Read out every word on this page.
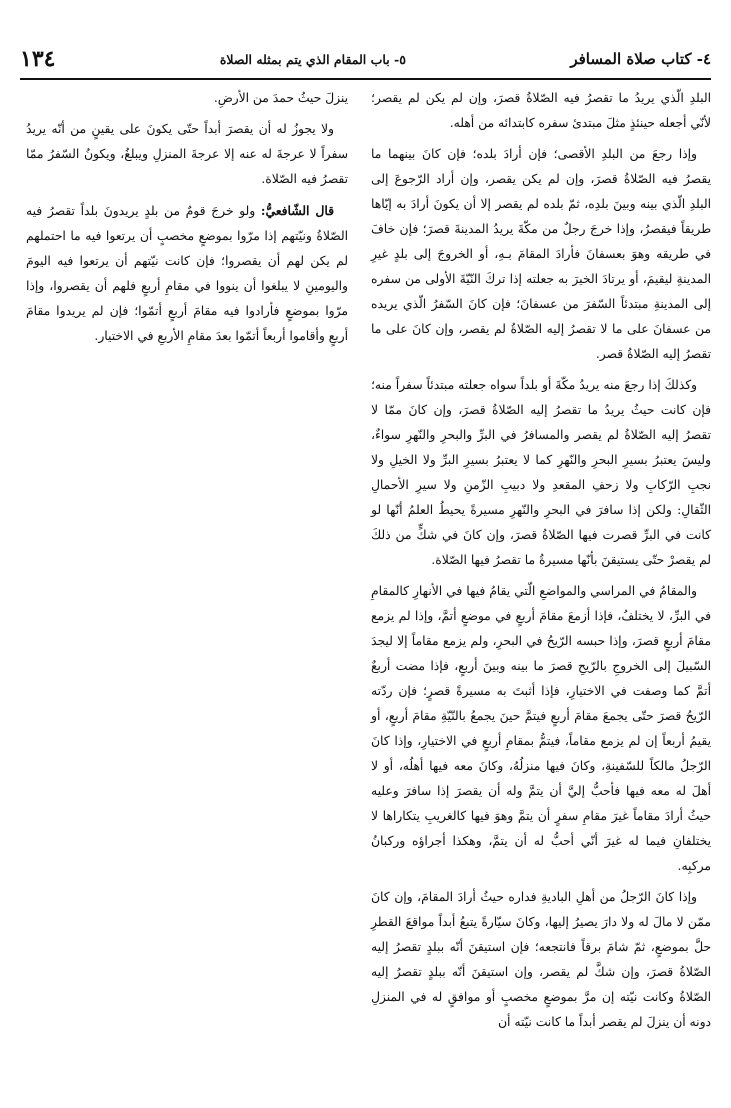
٤- كتاب صلاة المسافر
٥- باب المقام الذي يتم بمثله الصلاة
١٣٤

البلدِ الّذي يريدُ ما تقصرُ فيه الصّلاةُ قصرَ، وإن لم يكن لم يقصر؛ لأنّي أجعله حينئذٍ مثلَ مبتدئ سفره كابتدائه من أهله.

وإذا رجعَ من البلدِ الأقصى؛ فإن أرادَ بلده؛ فإن كانَ بينهما ما يقصرُ فيه الصّلاةُ قصرَ، وإن لم يكن يقصر، وإن أراد الرّجوعَ إلى البلدِ الّذي بينه وبينَ بلدِه، ثمّ بلده لم يقصر إلا أن يكونَ أرادَ به إيّاها طريقاً فيقصرُ، وإذا خرجَ رجلٌ من مكّةَ يريدُ المدينةَ قصرَ؛ فإن خافَ في طريقه وهوَ بعسفانَ فأرادَ المقامَ بـهِ، أو الخروجَ إلى بلدٍ غيرِ المدينةِ ليقيمَ، أو يرتادَ الخيرَ به جعلته إذا تركَ النّيّةَ الأولى من سفره إلى المدينةِ مبتدئاً السّفرَ من عسفانَ؛ فإن كانَ السّفرُ الّذي يريده من عسفانَ على ما لا تقصرُ إليه الصّلاةُ لم يقصر، وإن كانَ على ما تقصرُ إليه الصّلاةُ قصر.

وكذلكَ إذا رجعَ منه يريدُ مكّةَ أو بلداً سواه جعلته مبتدئاً سفراً منه؛ فإن كانت حيثُ يريدُ ما تقصرُ إليه الصّلاةُ قصرَ، وإن كانَ ممّا لا تقصرُ إليه الصّلاةُ لم يقصر والمسافرُ في البرِّ والبحرِ والنّهرِ سواءٌ، وليسَ يعتبرُ بسيرِ البحرِ والنّهرِ كما لا يعتبرُ بسيرِ البرِّ ولا الخيلِ ولا نجبِ الرّكابِ ولا زحفِ المقعدِ ولا دبيبِ الزّمنِ ولا سيرِ الأحمالِ الثّقالِ: ولكن إذا سافرَ في البحرِ والنّهرِ مسيرةً يحيطُ العلمُ أنّها لو كانت في البرِّ قصرت فيها الصّلاةُ قصرَ، وإن كانَ في شكٍّ من ذلكَ لم يقصرْ حتّى يستيقنَ بأنّها مسيرةُ ما تقصرُ فيها الصّلاة.

والمقامُ في المراسي والمواضعِ الّتي يقامُ فيها في الأنهارِ كالمقامِ في البرِّ، لا يختلفُ، فإذا أزمعَ مقامَ أربعٍ في موضعٍ أتمَّ، وإذا لم يزمع مقامَ أربعٍ قصرَ، وإذا حبسه الرّيحُ في البحرِ، ولم يزمع مقاماً إلا ليجدَ السّبيلَ إلى الخروجِ بالرّيحِ قصرَ ما بينه وبينَ أربعٍ، فإذا مضت أربعٌ أتمَّ كما وصفت في الاختيارِ، فإذا أثبتَ به مسيرةً قصرٍ؛ فإن ردّته الرّيحُ قصرَ حتّى يجمعَ مقامَ أربعٍ فيتمَّ حينَ يجمعُ بالنّيّةِ مقامَ أربعٍ، أو يقيمُ أربعاً إن لم يزمع مقاماً، فيتمُّ بمقامِ أربعٍ في الاختيارِ، وإذا كانَ الرّجلُ مالكاً للسّفينةِ، وكانَ فيها منزلُهُ، وكانَ معه فيها أهلُه، أو لا أهلَ له معه فيها فأحبُّ إليَّ أن يتمَّ وله أن يقصرَ إذا سافرَ وعليه حيثُ أرادَ مقاماً غيرَ مقامِ سفرٍ أن يتمَّ وهوَ فيها كالغريبِ يتكاراها لا يختلفانِ فيما له غيرَ أنّي أحبُّ له أن يتمَّ، وهكذا أجراؤه وركبانُ مركبِه.

وإذا كانَ الرّجلُ من أهلِ الباديةِ فداره حيثُ أرادَ المقامَ، وإن كانَ ممّن لا مالَ له ولا دارَ يصيرُ إليها، وكانَ سيّارةً يتبعُ أبداً مواقعَ القطرِ حلَّ بموضعٍ، ثمّ شامَ برقاً فانتجعه؛ فإن استيقنَ أنّه ببلدٍ تقصرُ إليه الصّلاةُ قصرَ، وإن شكَّ لم يقصر، وإن استيقنَ أنّه ببلدٍ تقصرُ إليه الصّلاةُ وكانت نيّته إن مرَّ بموضعٍ مخصبٍ أو موافقٍ له في المنزلِ دونه أن ينزلَ لم يقصر أبداً ما كانت نيّته أن

ينزلَ حيثُ حمدَ من الأرضِ.

ولا يجوزُ له أن يقصرَ أبداً حتّى يكونَ على يقينٍ من أنّه يريدُ سفراً لا عرجةَ له عنه إلا عرجةَ المنزلِ ويبلغُ، ويكونُ السّفرُ ممّا تقصرُ فيه الصّلاة.

قال الشّافعيُّ: ولو خرجَ قومٌ من بلدٍ يريدونَ بلداً تقصرُ فيه الصّلاةُ ونيّتهم إذا مرّوا بموضعٍ مخصبٍ أن يرتعوا فيه ما احتملهم لم يكن لهم أن يقصروا؛ فإن كانت نيّتهم أن يرتعوا فيه اليومَ واليومينِ لا يبلغوا أن ينووا في مقامِ أربعٍ فلهم أن يقصروا، وإذا مرّوا بموضعٍ فأرادوا فيه مقامَ أربعٍ أتمّوا؛ فإن لم يريدوا مقامَ أربعٍ وأقاموا أربعاً أتمّوا بعدَ مقامِ الأربعِ في الاختيار.
